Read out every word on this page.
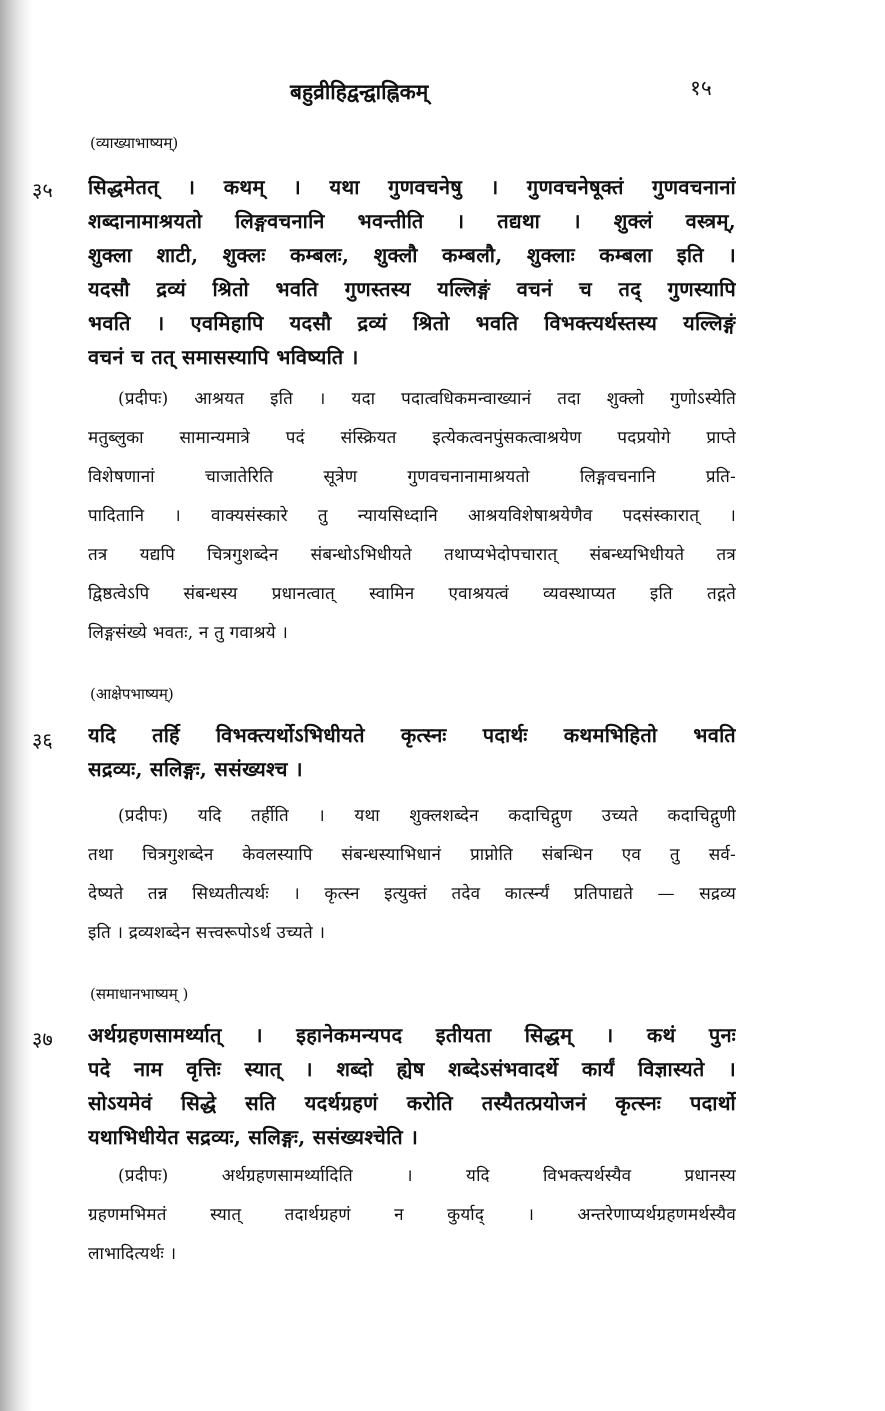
बहुव्रीहिद्वन्द्वाह्निकम्	१५
(व्याख्याभाष्यम्)
३५ सिद्धमेतत् । कथम् । यथा गुणवचनेषु । गुणवचनेषूक्तं गुणवचनानां
शब्दानामाश्रयतो लिङ्गवचनानि भवन्तीति । तद्यथा । शुक्लं वस्त्रम्,
शुक्ला शाटी, शुक्लः कम्बलः, शुक्लौ कम्बलौ, शुक्लाः कम्बला इति ।
यदसौ द्रव्यं श्रितो भवति गुणस्तस्य यल्लिङ्गं वचनं च तद् गुणस्यापि
भवति । एवमिहापि यदसौ द्रव्यं श्रितो भवति विभक्त्यर्थस्तस्य यल्लिङ्गं
वचनं च तत् समासस्यापि भविष्यति ।
(प्रदीपः) आश्रयत इति । यदा पदात्वधिकमन्वाख्यानं तदा शुक्लो गुणोऽस्येति
मतुब्लुका सामान्यमात्रे पदं संस्क्रियत इत्येकत्वनपुंसकत्वाश्रयेण पदप्रयोगे प्राप्ते
विशेषणानां चाजातेरिति सूत्रेण गुणवचनानामाश्रयतो लिङ्गवचनानि प्रति-
पादितानि । वाक्यसंस्कारे तु न्यायसिध्दानि आश्रयविशेषाश्रयेणैव पदसंस्कारात् ।
तत्र यद्यपि चित्रगुशब्देन संबन्धोऽभिधीयते तथाप्यभेदोपचारात् संबन्ध्यभिधीयते तत्र
द्विष्ठत्वेऽपि संबन्धस्य प्रधानत्वात् स्वामिन एवाश्रयत्वं व्यवस्थाप्यत इति तद्गते
लिङ्गसंख्ये भवतः, न तु गवाश्रये ।
(आक्षेपभाष्यम्)
३६ यदि तर्हि विभक्त्यर्थोऽभिधीयते कृत्स्नः पदार्थः कथमभिहितो भवति
सद्रव्यः, सलिङ्गः, ससंख्यश्च ।
(प्रदीपः) यदि तर्हीति । यथा शुक्लशब्देन कदाचिद्गुण उच्यते कदाचिद्गुणी
तथा चित्रगुशब्देन केवलस्यापि संबन्धस्याभिधानं प्राप्नोति संबन्धिन एव तु सर्व-
देष्यते तन्न सिध्यतीत्यर्थः । कृत्स्न इत्युक्तं तदेव कार्त्स्न्यं प्रतिपाद्यते — सद्रव्य
इति । द्रव्यशब्देन सत्त्वरूपोऽर्थ उच्यते ।
(समाधानभाष्यम् )
३७ अर्थग्रहणसामर्थ्यात् । इहानेकमन्यपद इतीयता सिद्धम् । कथं पुनः
पदे नाम वृत्तिः स्यात् । शब्दो ह्येष शब्देऽसंभवादर्थे कार्यं विज्ञास्यते ।
सोऽयमेवं सिद्धे सति यदर्थग्रहणं करोति तस्यैतत्प्रयोजनं कृत्स्नः पदार्थो
यथाभिधीयेत सद्रव्यः, सलिङ्गः, ससंख्यश्चेति ।
(प्रदीपः) अर्थग्रहणसामर्थ्यादिति । यदि विभक्त्यर्थस्यैव प्रधानस्य
ग्रहणमभिमतं स्यात् तदार्थग्रहणं न कुर्याद् । अन्तरेणाप्यर्थग्रहणमर्थस्यैव
लाभादित्यर्थः ।
